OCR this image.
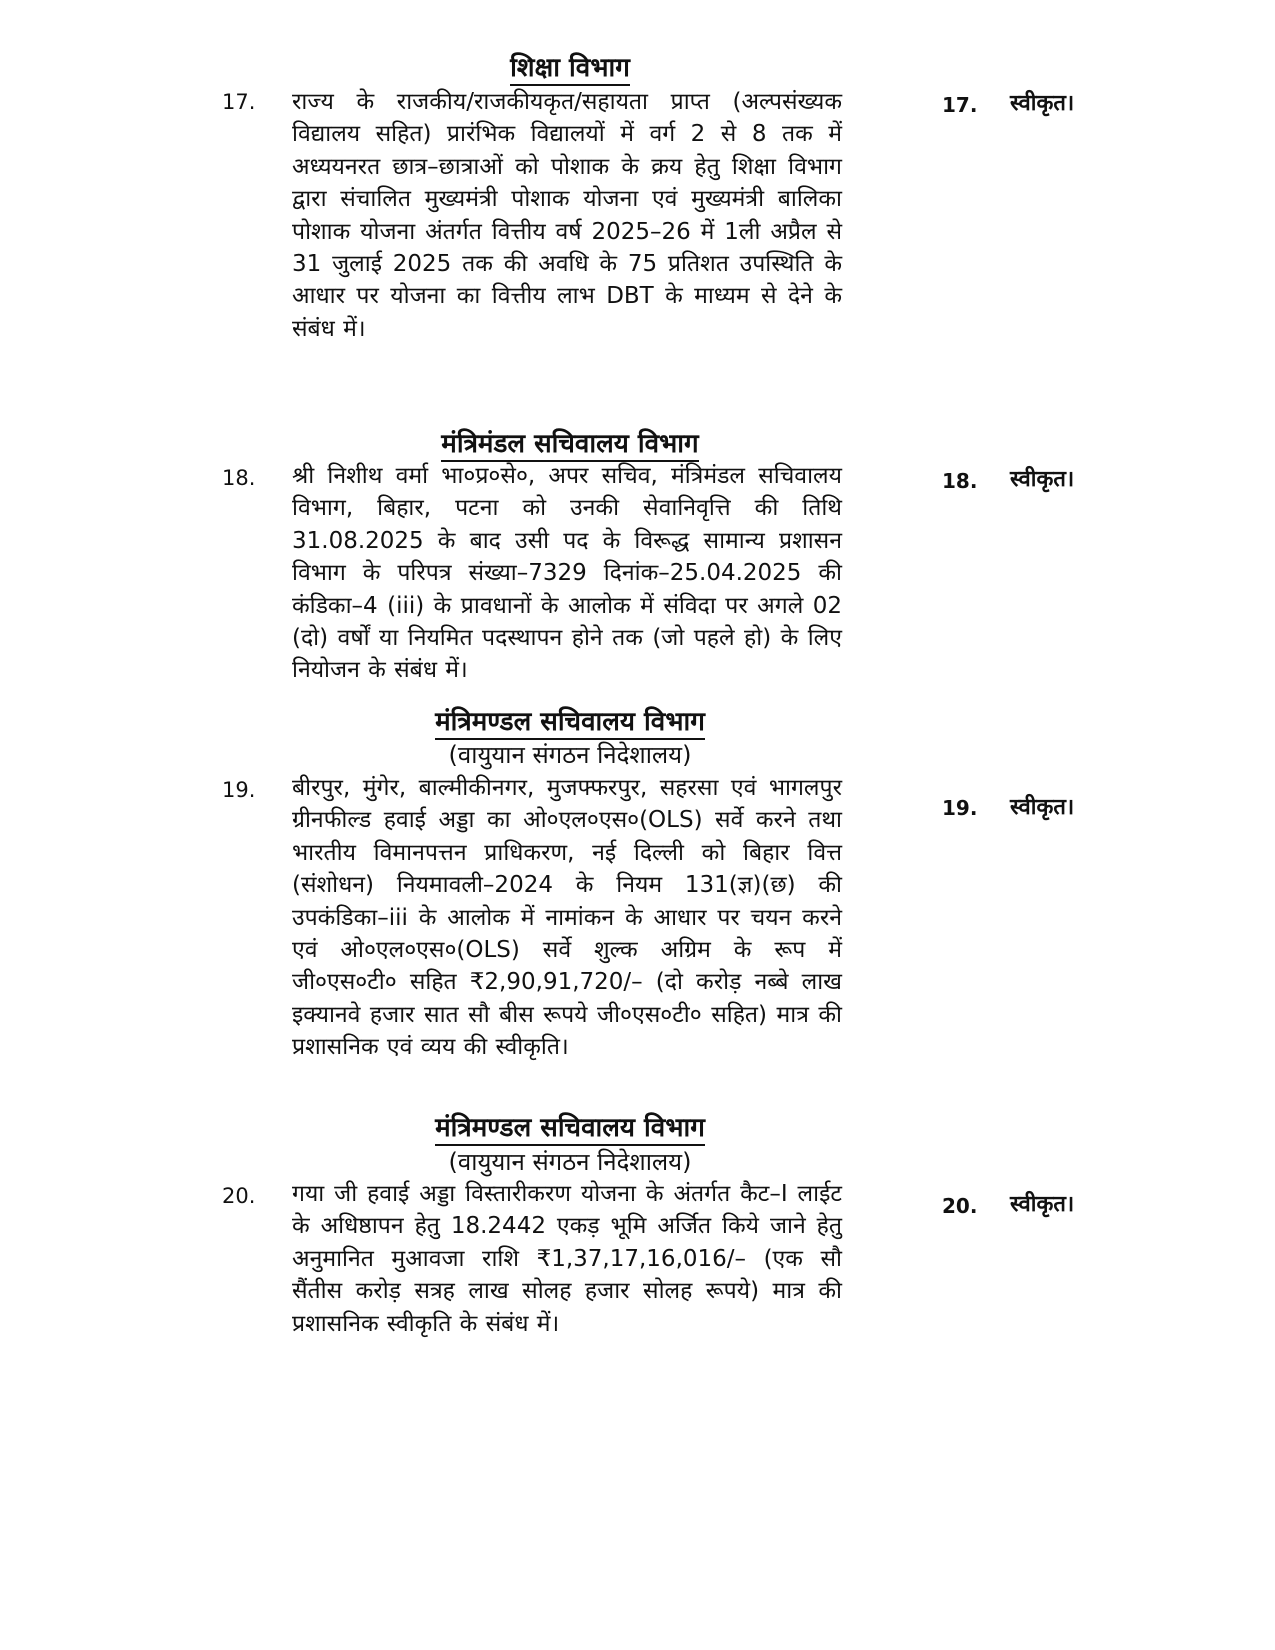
शिक्षा विभाग
17. राज्य के राजकीय/राजकीयकृत/सहायता प्राप्त (अल्पसंख्यक विद्यालय सहित) प्रारंभिक विद्यालयों में वर्ग 2 से 8 तक में अध्ययनरत छात्र–छात्राओं को पोशाक के क्रय हेतु शिक्षा विभाग द्वारा संचालित मुख्यमंत्री पोशाक योजना एवं मुख्यमंत्री बालिका पोशाक योजना अंतर्गत वित्तीय वर्ष 2025–26 में 1ली अप्रैल से 31 जुलाई 2025 तक की अवधि के 75 प्रतिशत उपस्थिति के आधार पर योजना का वित्तीय लाभ DBT के माध्यम से देने के संबंध में।
17. स्वीकृत।
मंत्रिमंडल सचिवालय विभाग
18. श्री निशीथ वर्मा भा०प्र०से०, अपर सचिव, मंत्रिमंडल सचिवालय विभाग, बिहार, पटना को उनकी सेवानिवृत्ति की तिथि 31.08.2025 के बाद उसी पद के विरूद्ध सामान्य प्रशासन विभाग के परिपत्र संख्या–7329 दिनांक–25.04.2025 की कंडिका–4 (iii) के प्रावधानों के आलोक में संविदा पर अगले 02 (दो) वर्षों या नियमित पदस्थापन होने तक (जो पहले हो) के लिए नियोजन के संबंध में।
18. स्वीकृत।
मंत्रिमण्डल सचिवालय विभाग
(वायुयान संगठन निदेशालय)
19. बीरपुर, मुंगेर, बाल्मीकीनगर, मुजफ्फरपुर, सहरसा एवं भागलपुर ग्रीनफील्ड हवाई अड्डा का ओ०एल०एस०(OLS) सर्वे करने तथा भारतीय विमानपत्तन प्राधिकरण, नई दिल्ली को बिहार वित्त (संशोधन) नियमावली–2024 के नियम 131(ज्ञ)(छ) की उपकंडिका–iii के आलोक में नामांकन के आधार पर चयन करने एवं ओ०एल०एस०(OLS) सर्वे शुल्क अग्रिम के रूप में जी०एस०टी० सहित ₹2,90,91,720/– (दो करोड़ नब्बे लाख इक्यानवे हजार सात सौ बीस रूपये जी०एस०टी० सहित) मात्र की प्रशासनिक एवं व्यय की स्वीकृति।
19. स्वीकृत।
मंत्रिमण्डल सचिवालय विभाग
(वायुयान संगठन निदेशालय)
20. गया जी हवाई अड्डा विस्तारीकरण योजना के अंतर्गत कैट–I लाईट के अधिष्ठापन हेतु 18.2442 एकड़ भूमि अर्जित किये जाने हेतु अनुमानित मुआवजा राशि ₹1,37,17,16,016/– (एक सौ सैंतीस करोड़ सत्रह लाख सोलह हजार सोलह रूपये) मात्र की प्रशासनिक स्वीकृति के संबंध में।
20. स्वीकृत।
